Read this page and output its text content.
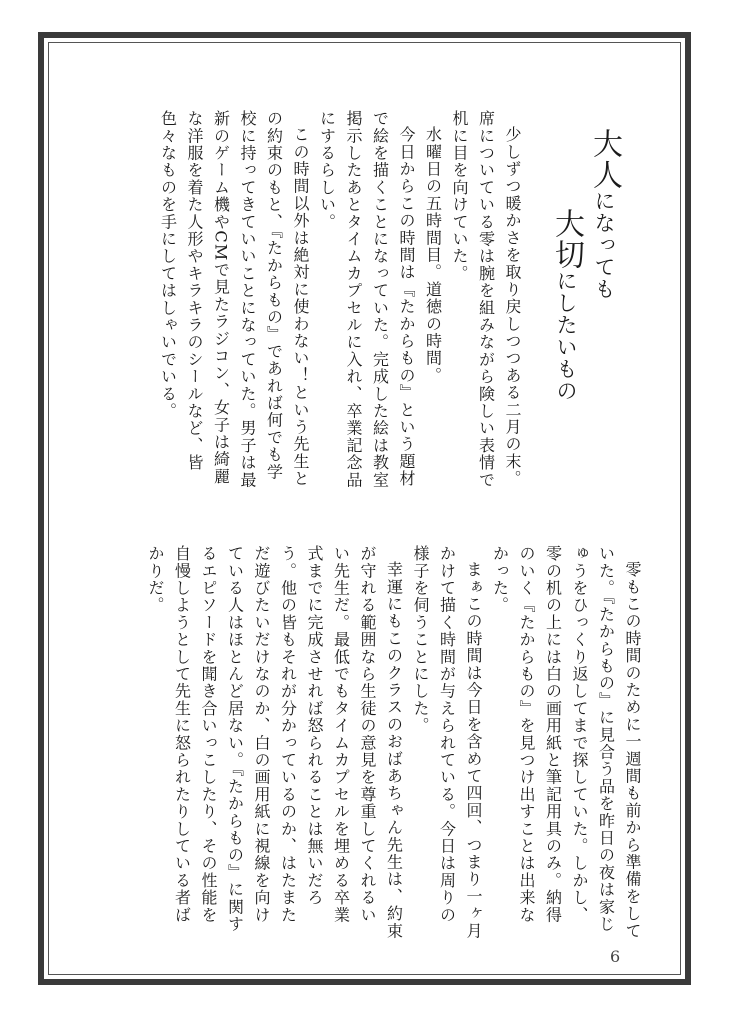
大人になっても
大切にしたいもの

少しずつ暖かさを取り戻しつつある二月の末。席についている零は腕を組みながら険しい表情で机に目を向けていた。

水曜日の五時間目。道徳の時間。

今日からこの時間は『たからもの』という題材で絵を描くことになっていた。完成した絵は教室掲示したあとタイムカプセルに入れ、卒業記念品にするらしい。

この時間以外は絶対に使わない！という先生との約束のもと、『たからもの』であれば何でも学校に持ってきていいことになっていた。男子は最新のゲーム機やCMで見たラジコン、女子は綺麗な洋服を着た人形やキラキラのシールなど、皆色々なものを手にしてはしゃいでいる。

零もこの時間のために一週間も前から準備をしていた。『たからもの』に見合う品を昨日の夜は家じゅうをひっくり返してまで探していた。しかし、零の机の上には白の画用紙と筆記用具のみ。納得のいく『たからもの』を見つけ出すことは出来なかった。

まぁこの時間は今日を含めて四回、つまり一ヶ月かけて描く時間が与えられている。今日は周りの様子を伺うことにした。

幸運にもこのクラスのおばあちゃん先生は、約束が守れる範囲なら生徒の意見を尊重してくれるいい先生だ。最低でもタイムカプセルを埋める卒業式までに完成させれば怒られることは無いだろう。他の皆もそれが分かっているのか、はたまただ遊びたいだけなのか、白の画用紙に視線を向けている人はほとんど居ない。『たからもの』に関するエピソードを聞き合いっこしたり、その性能を自慢しようとして先生に怒られたりしている者ばかりだ。

6
